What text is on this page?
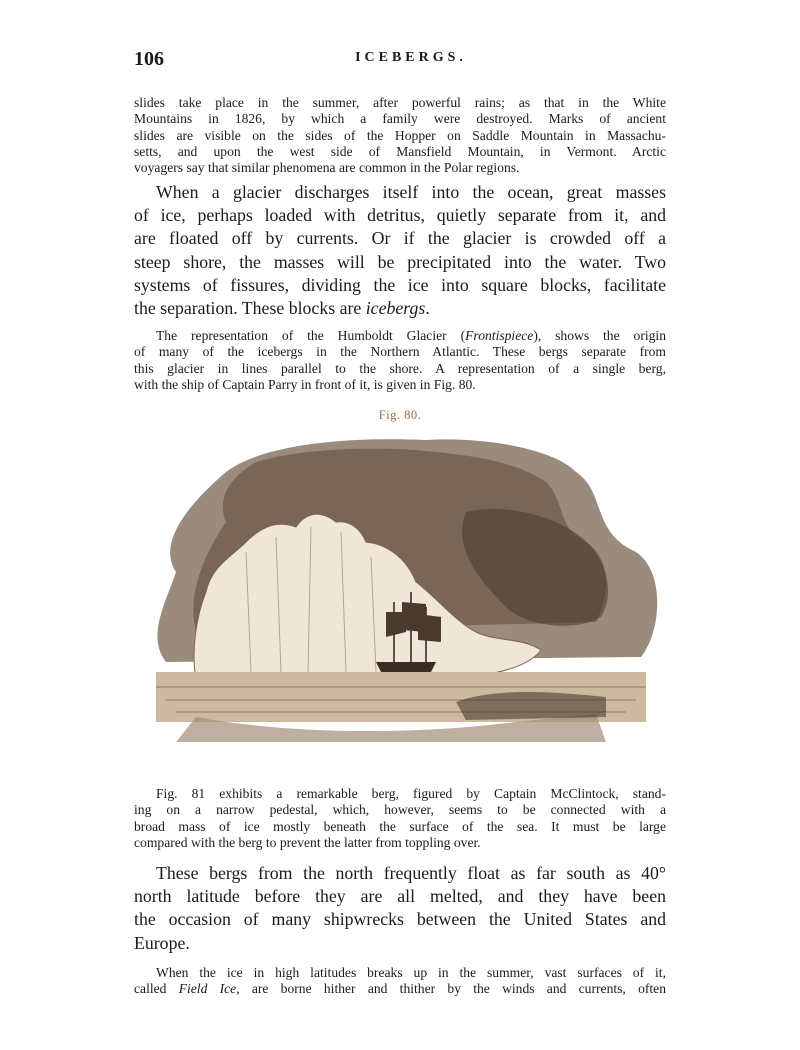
106	ICEBERGS.
slides take place in the summer, after powerful rains; as that in the White
Mountains in 1826, by which a family were destroyed. Marks of ancient
slides are visible on the sides of the Hopper on Saddle Mountain in Massachu-
setts, and upon the west side of Mansfield Mountain, in Vermont. Arctic
voyagers say that similar phenomena are common in the Polar regions.
When a glacier discharges itself into the ocean, great masses
of ice, perhaps loaded with detritus, quietly separate from it, and
are floated off by currents. Or if the glacier is crowded off a
steep shore, the masses will be precipitated into the water. Two
systems of fissures, dividing the ice into square blocks, facilitate
the separation. These blocks are icebergs.
The representation of the Humboldt Glacier (Frontispiece), shows the origin
of many of the icebergs in the Northern Atlantic. These bergs separate from
this glacier in lines parallel to the shore. A representation of a single berg,
with the ship of Captain Parry in front of it, is given in Fig. 80.
Fig. 80.
Fig. 81 exhibits a remarkable berg, figured by Captain McClintock, stand-
ing on a narrow pedestal, which, however, seems to be connected with a
broad mass of ice mostly beneath the surface of the sea. It must be large
compared with the berg to prevent the latter from toppling over.
These bergs from the north frequently float as far south as 40°
north latitude before they are all melted, and they have been
the occasion of many shipwrecks between the United States and
Europe.
When the ice in high latitudes breaks up in the summer, vast surfaces of it,
called Field Ice, are borne hither and thither by the winds and currents, often
